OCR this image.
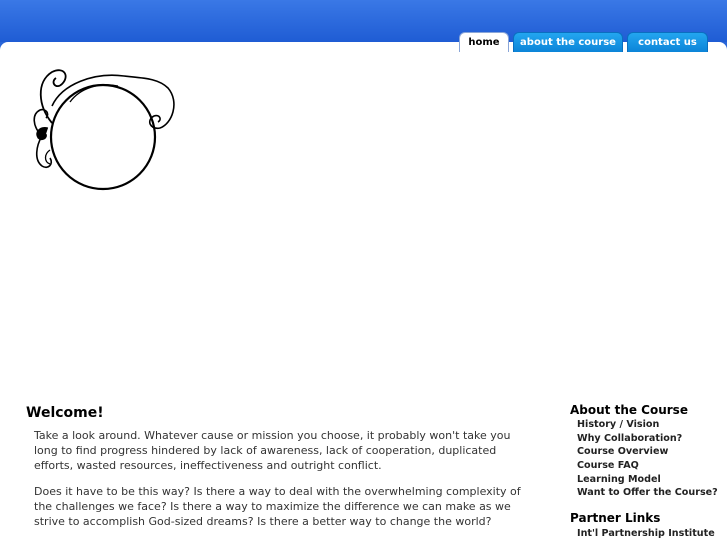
home	about the course	contact us
Welcome!

Take a look around. Whatever cause or mission you choose, it probably won't take you long to find progress hindered by lack of awareness, lack of cooperation, duplicated efforts, wasted resources, ineffectiveness and outright conflict.

Does it have to be this way? Is there a way to deal with the overwhelming complexity of the challenges we face? Is there a way to maximize the difference we can make as we strive to accomplish God-sized dreams? Is there a better way to change the world?

About the Course
History / Vision
Why Collaboration?
Course Overview
Course FAQ
Learning Model
Want to Offer the Course?
Partner Links
Int'l Partnership Institute
